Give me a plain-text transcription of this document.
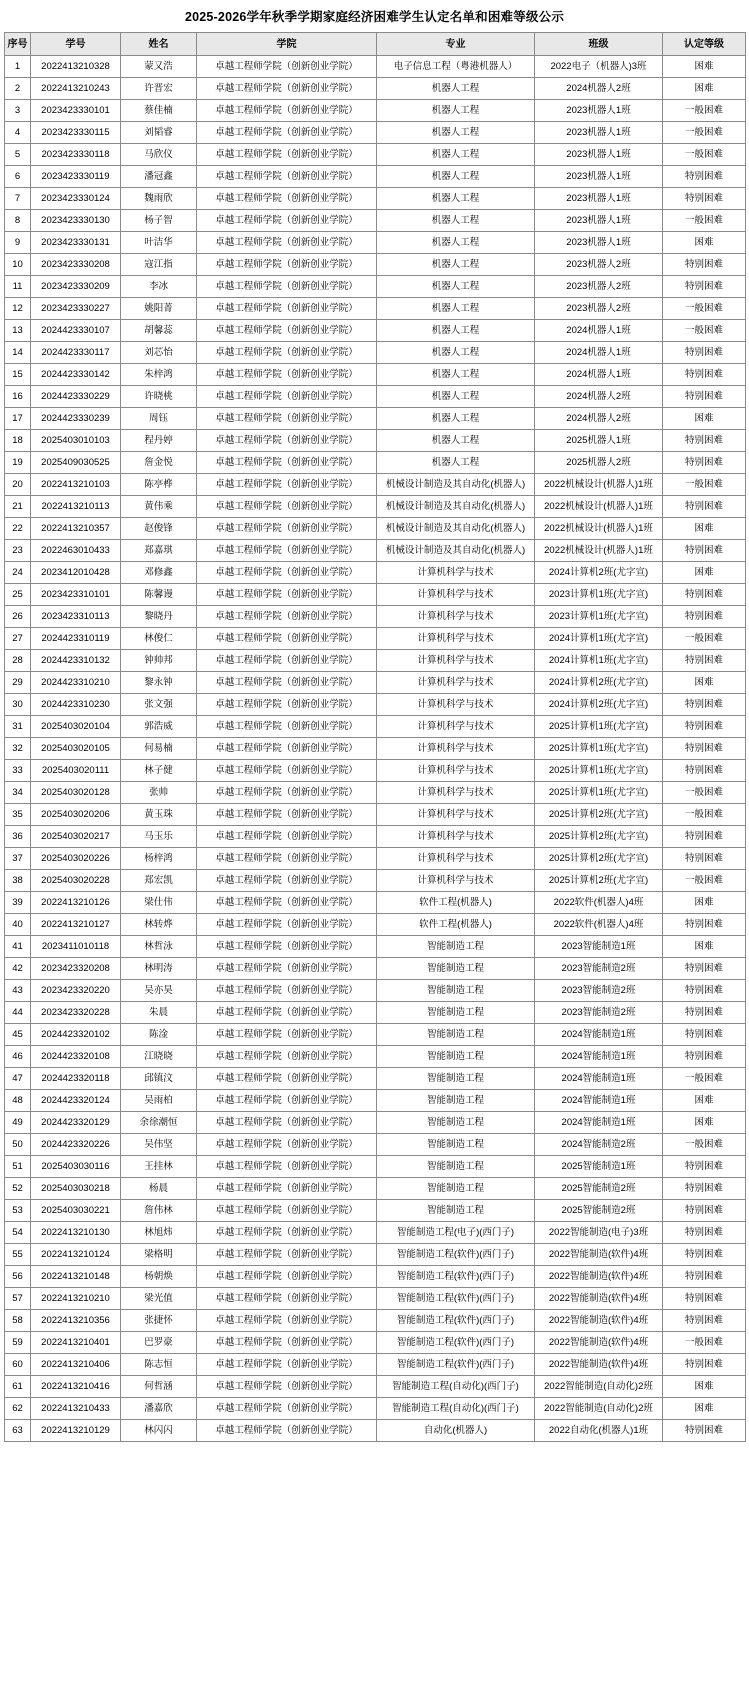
2025-2026学年秋季学期家庭经济困难学生认定名单和困难等级公示
序号	学号	姓名	学院	专业	班级	认定等级
1	2022413210328	蒙又浩	卓越工程师学院（创新创业学院）	电子信息工程（粤港机器人）	2022电子（机器人)3班	困难
2	2022413210243	许晋宏	卓越工程师学院（创新创业学院）	机器人工程	2024机器人2班	困难
3	2023423330101	蔡佳楠	卓越工程师学院（创新创业学院）	机器人工程	2023机器人1班	一般困难
4	2023423330115	刘韬睿	卓越工程师学院（创新创业学院）	机器人工程	2023机器人1班	一般困难
5	2023423330118	马欣仪	卓越工程师学院（创新创业学院）	机器人工程	2023机器人1班	一般困难
6	2023423330119	潘冠鑫	卓越工程师学院（创新创业学院）	机器人工程	2023机器人1班	特别困难
7	2023423330124	魏雨欣	卓越工程师学院（创新创业学院）	机器人工程	2023机器人1班	特别困难
8	2023423330130	杨子智	卓越工程师学院（创新创业学院）	机器人工程	2023机器人1班	一般困难
9	2023423330131	叶洁华	卓越工程师学院（创新创业学院）	机器人工程	2023机器人1班	困难
10	2023423330208	寇江指	卓越工程师学院（创新创业学院）	机器人工程	2023机器人2班	特别困难
11	2023423330209	李冰	卓越工程师学院（创新创业学院）	机器人工程	2023机器人2班	特别困难
12	2023423330227	姚阳菁	卓越工程师学院（创新创业学院）	机器人工程	2023机器人2班	一般困难
13	2024423330107	胡馨蕊	卓越工程师学院（创新创业学院）	机器人工程	2024机器人1班	一般困难
14	2024423330117	刘芯怡	卓越工程师学院（创新创业学院）	机器人工程	2024机器人1班	特别困难
15	2024423330142	朱梓鸿	卓越工程师学院（创新创业学院）	机器人工程	2024机器人1班	特别困难
16	2024423330229	许晓桃	卓越工程师学院（创新创业学院）	机器人工程	2024机器人2班	特别困难
17	2024423330239	周钰	卓越工程师学院（创新创业学院）	机器人工程	2024机器人2班	困难
18	2025403010103	程丹婷	卓越工程师学院（创新创业学院）	机器人工程	2025机器人1班	特别困难
19	2025409030525	詹金悦	卓越工程师学院（创新创业学院）	机器人工程	2025机器人2班	特别困难
20	2022413210103	陈亭桦	卓越工程师学院（创新创业学院）	机械设计制造及其自动化(机器人)	2022机械设计(机器人)1班	一般困难
21	2022413210113	黄伟乘	卓越工程师学院（创新创业学院）	机械设计制造及其自动化(机器人)	2022机械设计(机器人)1班	特别困难
22	2022413210357	赵俊锋	卓越工程师学院（创新创业学院）	机械设计制造及其自动化(机器人)	2022机械设计(机器人)1班	困难
23	2022463010433	郑嘉琪	卓越工程师学院（创新创业学院）	机械设计制造及其自动化(机器人)	2022机械设计(机器人)1班	特别困难
24	2023412010428	邓修鑫	卓越工程师学院（创新创业学院）	计算机科学与技术	2024计算机2班(尤字宣)	困难
25	2023423310101	陈馨谩	卓越工程师学院（创新创业学院）	计算机科学与技术	2023计算机1班(尤字宣)	特别困难
26	2023423310113	黎晓丹	卓越工程师学院（创新创业学院）	计算机科学与技术	2023计算机1班(尤字宣)	特别困难
27	2024423310119	林俊仁	卓越工程师学院（创新创业学院）	计算机科学与技术	2024计算机1班(尤字宣)	一般困难
28	2024423310132	钟帅邦	卓越工程师学院（创新创业学院）	计算机科学与技术	2024计算机1班(尤字宣)	特别困难
29	2024423310210	黎永钟	卓越工程师学院（创新创业学院）	计算机科学与技术	2024计算机2班(尤字宣)	困难
30	2024423310230	张文强	卓越工程师学院（创新创业学院）	计算机科学与技术	2024计算机2班(尤字宣)	特别困难
31	2025403020104	郭浩威	卓越工程师学院（创新创业学院）	计算机科学与技术	2025计算机1班(尤字宣)	特别困难
32	2025403020105	何易楠	卓越工程师学院（创新创业学院）	计算机科学与技术	2025计算机1班(尤字宣)	特别困难
33	2025403020111	林子健	卓越工程师学院（创新创业学院）	计算机科学与技术	2025计算机1班(尤字宣)	特别困难
34	2025403020128	张帅	卓越工程师学院（创新创业学院）	计算机科学与技术	2025计算机1班(尤字宣)	一般困难
35	2025403020206	黄玉珠	卓越工程师学院（创新创业学院）	计算机科学与技术	2025计算机2班(尤字宣)	一般困难
36	2025403020217	马玉乐	卓越工程师学院（创新创业学院）	计算机科学与技术	2025计算机2班(尤字宣)	特别困难
37	2025403020226	杨梓鸿	卓越工程师学院（创新创业学院）	计算机科学与技术	2025计算机2班(尤字宣)	特别困难
38	2025403020228	郑宏凯	卓越工程师学院（创新创业学院）	计算机科学与技术	2025计算机2班(尤字宣)	一般困难
39	2022413210126	梁仕伟	卓越工程师学院（创新创业学院）	软件工程(机器人)	2022软件(机器人)4班	困难
40	2022413210127	林转烨	卓越工程师学院（创新创业学院）	软件工程(机器人)	2022软件(机器人)4班	特别困难
41	2023411010118	林哲泳	卓越工程师学院（创新创业学院）	智能制造工程	2023智能制造1班	困难
42	2023423320208	林明涛	卓越工程师学院（创新创业学院）	智能制造工程	2023智能制造2班	特别困难
43	2023423320220	吴亦昊	卓越工程师学院（创新创业学院）	智能制造工程	2023智能制造2班	特别困难
44	2023423320228	朱晨	卓越工程师学院（创新创业学院）	智能制造工程	2023智能制造2班	特别困难
45	2024423320102	陈淦	卓越工程师学院（创新创业学院）	智能制造工程	2024智能制造1班	特别困难
46	2024423320108	江晓晓	卓越工程师学院（创新创业学院）	智能制造工程	2024智能制造1班	特别困难
47	2024423320118	邱镇汶	卓越工程师学院（创新创业学院）	智能制造工程	2024智能制造1班	一般困难
48	2024423320124	吴雨柏	卓越工程师学院（创新创业学院）	智能制造工程	2024智能制造1班	困难
49	2024423320129	余徐潮恒	卓越工程师学院（创新创业学院）	智能制造工程	2024智能制造1班	困难
50	2024423320226	吴伟坚	卓越工程师学院（创新创业学院）	智能制造工程	2024智能制造2班	一般困难
51	2025403030116	王挂林	卓越工程师学院（创新创业学院）	智能制造工程	2025智能制造1班	特别困难
52	2025403030218	杨晨	卓越工程师学院（创新创业学院）	智能制造工程	2025智能制造2班	特别困难
53	2025403030221	詹伟林	卓越工程师学院（创新创业学院）	智能制造工程	2025智能制造2班	特别困难
54	2022413210130	林旭炜	卓越工程师学院（创新创业学院）	智能制造工程(电子)(西门子)	2022智能制造(电子)3班	特别困难
55	2022413210124	梁格明	卓越工程师学院（创新创业学院）	智能制造工程(软件)(西门子)	2022智能制造(软件)4班	特别困难
56	2022413210148	杨朝焕	卓越工程师学院（创新创业学院）	智能制造工程(软件)(西门子)	2022智能制造(软件)4班	特别困难
57	2022413210210	梁光值	卓越工程师学院（创新创业学院）	智能制造工程(软件)(西门子)	2022智能制造(软件)4班	特别困难
58	2022413210356	张捷怀	卓越工程师学院（创新创业学院）	智能制造工程(软件)(西门子)	2022智能制造(软件)4班	特别困难
59	2022413210401	巴罗豪	卓越工程师学院（创新创业学院）	智能制造工程(软件)(西门子)	2022智能制造(软件)4班	一般困难
60	2022413210406	陈志恒	卓越工程师学院（创新创业学院）	智能制造工程(软件)(西门子)	2022智能制造(软件)4班	特别困难
61	2022413210416	何哲涵	卓越工程师学院（创新创业学院）	智能制造工程(自动化)(西门子)	2022智能制造(自动化)2班	困难
62	2022413210433	潘嘉欣	卓越工程师学院（创新创业学院）	智能制造工程(自动化)(西门子)	2022智能制造(自动化)2班	困难
63	2022413210129	林闪闪	卓越工程师学院（创新创业学院）	自动化(机器人)	2022自动化(机器人)1班	特别困难
